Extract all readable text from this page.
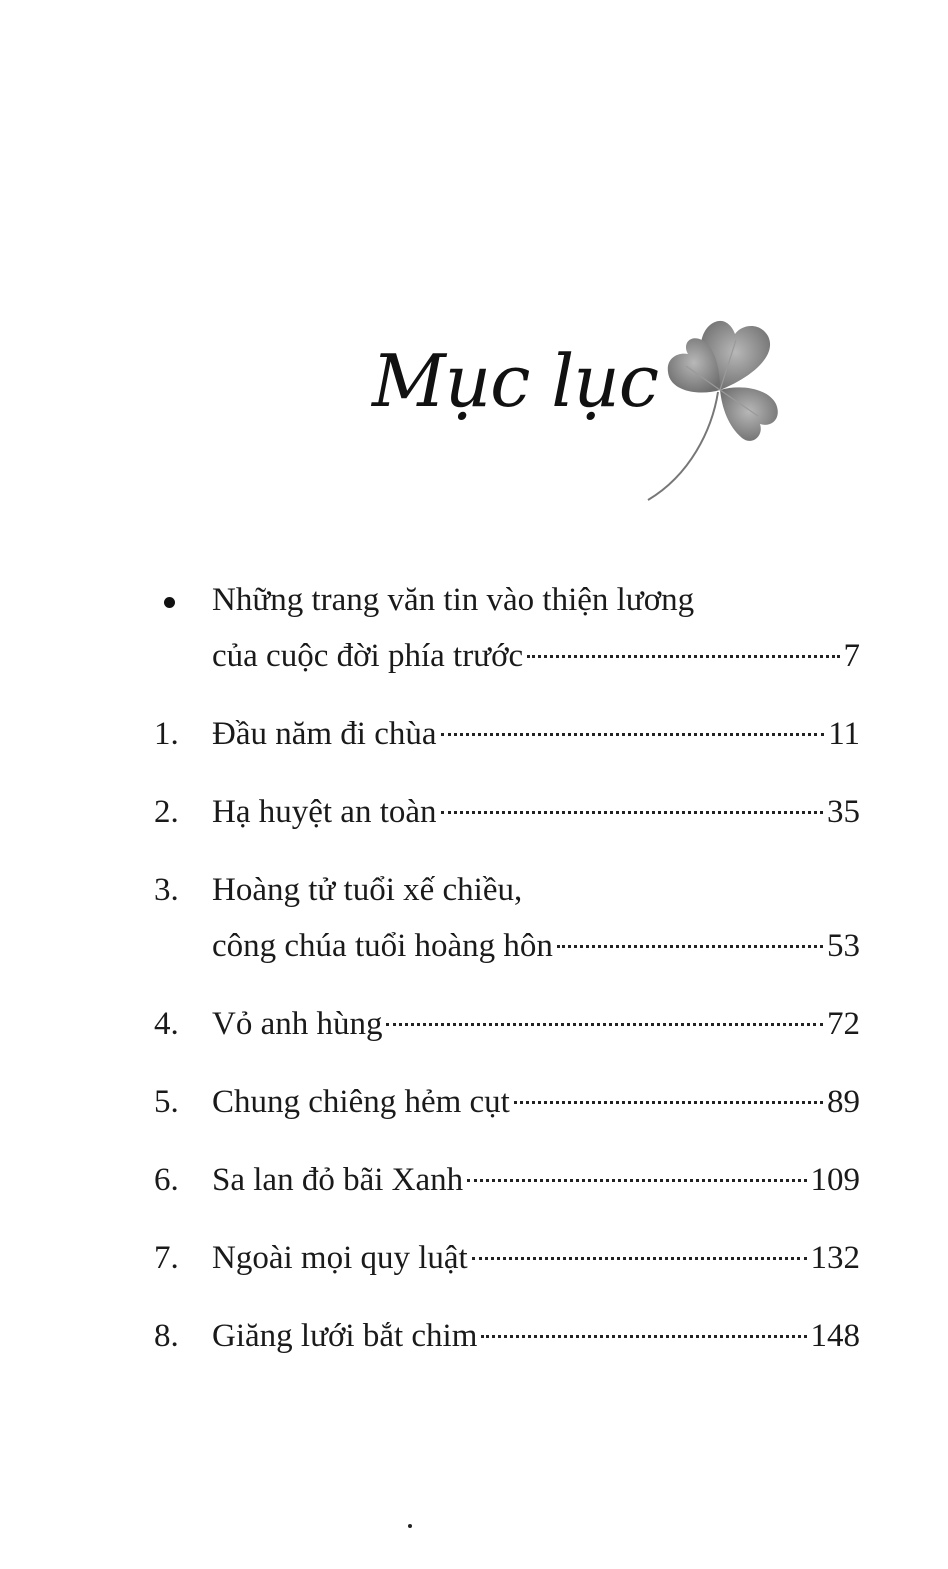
Mục lục
Những trang văn tin vào thiện lương
của cuộc đời phía trước	7
1.	Đầu năm đi chùa	11
2.	Hạ huyệt an toàn	35
3.	Hoàng tử tuổi xế chiều,
công chúa tuổi hoàng hôn	53
4.	Vỏ anh hùng	72
5.	Chung chiêng hẻm cụt	89
6.	Sa lan đỏ bãi Xanh	109
7.	Ngoài mọi quy luật	132
8.	Giăng lưới bắt chim	148
